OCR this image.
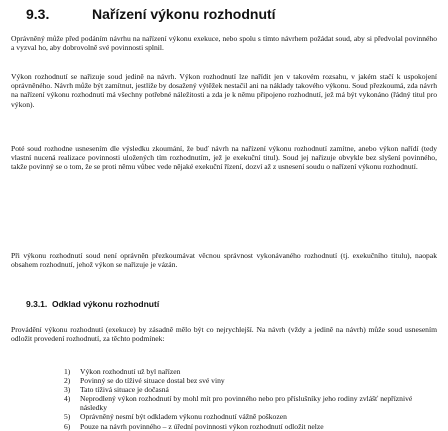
9.3.	Nařízení výkonu rozhodnutí
Oprávněný může před podáním návrhu na nařízení výkonu exekuce, nebo spolu s tímto návrhem požádat soud, aby si předvolal povinného a vyzval ho, aby dobrovolně své povinnosti splnil.
Výkon rozhodnutí se nařizuje soud jedině na návrh. Výkon rozhodnutí lze nařídit jen v takovém rozsahu, v jakém stačí k uspokojení oprávněného. Návrh může být zamítnut, jestliže by dosažený výtěžek nestačil ani na náklady takového výkonu. Soud přezkoumá, zda návrh na nařízení výkonu rozhodnutí má všechny potřebné náležitosti a zda je k němu připojeno rozhodnutí, jež má být vykonáno (řádný titul pro výkon).
Poté soud rozhodne usnesením dle výsledku zkoumání, že buď návrh na nařízení výkonu rozhodnutí zamítne, anebo výkon nařídí (tedy vlastní nucená realizace povinnosti uložených tím rozhodnutím, jež je exekuční titul). Soud jej nařizuje obvykle bez slyšení povinného, takže povinný se o tom, že se proti němu vůbec vede nějaké exekuční řízení, dozví až z usnesení soudu o nařízení výkonu rozhodnutí.
Při výkonu rozhodnutí soud není oprávněn přezkoumávat věcnou správnost vykonávaného rozhodnutí (tj. exekučního titulu), naopak obsahem rozhodnutí, jehož výkon se nařizuje je vázán.
9.3.1. Odklad výkonu rozhodnutí
Provádění výkonu rozhodnutí (exekuce) by zásadně mělo být co nejrychlejší. Na návrh (vždy a jedině na návrh) může soud usnesením odložit provedení rozhodnutí, za těchto podmínek:
1)	Výkon rozhodnutí už byl nařízen
2)	Povinný se do tíživé situace dostal bez své viny
3)	Tato tíživá situace je dočasná
4)	Neprodlený výkon rozhodnutí by mohl mít pro povinného nebo pro příslušníky jeho rodiny zvlášť nepříznivé následky
5)	Oprávněný nesmí být odkladem výkonu rozhodnutí vážně poškozen
6)	Pouze na návrh povinného – z úřední povinnosti výkon rozhodnutí odložit nelze
